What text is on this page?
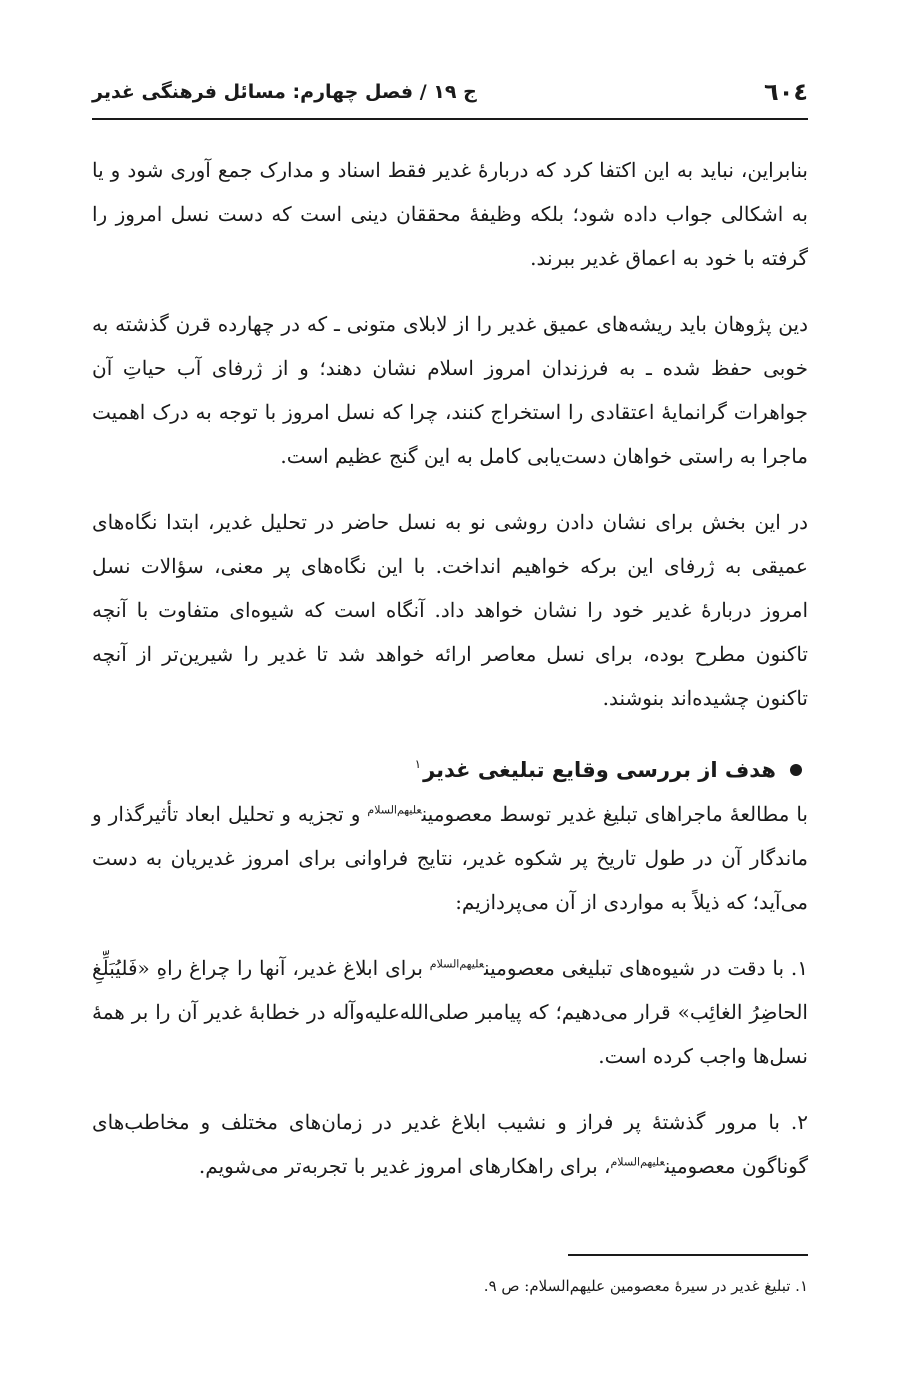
٦٠٤
ج ١٩ / فصل چهارم: مسائل فرهنگی غدیر

بنابراین، نباید به این اکتفا کرد که دربارۀ غدیر فقط اسناد و مدارک جمع آوری شود و یا به اشکالی جواب داده شود؛ بلکه وظیفۀ محققان دینی است که دست نسل امروز را گرفته با خود به اعماق غدیر ببرند.

دین پژوهان باید ریشه‌های عمیق غدیر را از لابلای متونی ـ که در چهارده قرن گذشته به خوبی حفظ شده ـ به فرزندان امروز اسلام نشان دهند؛ و از ژرفای آب حیاتِ آن جواهرات گرانمایۀ اعتقادی را استخراج کنند، چرا که نسل امروز با توجه به درک اهمیت ماجرا به راستی خواهان دست‌یابی کامل به این گنج عظیم است.

در این بخش برای نشان دادن روشی نو به نسل حاضر در تحلیل غدیر، ابتدا نگاه‌های عمیقی به ژرفای این برکه خواهیم انداخت. با این نگاه‌های پر معنی، سؤالات نسل امروز دربارۀ غدیر خود را نشان خواهد داد. آنگاه است که شیوه‌ای متفاوت با آنچه تاکنون مطرح بوده، برای نسل معاصر ارائه خواهد شد تا غدیر را شیرین‌تر از آنچه تاکنون چشیده‌اند بنوشند.

هدف از بررسی وقایع تبلیغی غدیر
$^١$

با مطالعۀ ماجراهای تبلیغ غدیر توسط معصومین$^{علیهم‌السلام}$ و تجزیه و تحلیل ابعاد تأثیرگذار و ماندگار آن در طول تاریخ پر شکوه غدیر، نتایج فراوانی برای امروز غدیریان به دست می‌آید؛ که ذیلاً به مواردی از آن می‌پردازیم:

١. با دقت در شیوه‌های تبلیغی معصومین$^{علیهم‌السلام}$ برای ابلاغ غدیر، آنها را چراغ راهِ «فَلیُبَلِّغِ الحاضِرُ الغائِب» قرار می‌دهیم؛ که پیامبر صلی‌الله‌علیه‌وآله در خطابۀ غدیر آن را بر همۀ نسل‌ها واجب کرده است.

٢. با مرور گذشتۀ پر فراز و نشیب ابلاغ غدیر در زمان‌های مختلف و مخاطب‌های گوناگون معصومین$^{علیهم‌السلام}$، برای راهکارهای امروز غدیر با تجربه‌تر می‌شویم.

١. تبلیغ غدیر در سیرۀ معصومین علیهم‌السلام: ص ٩.
